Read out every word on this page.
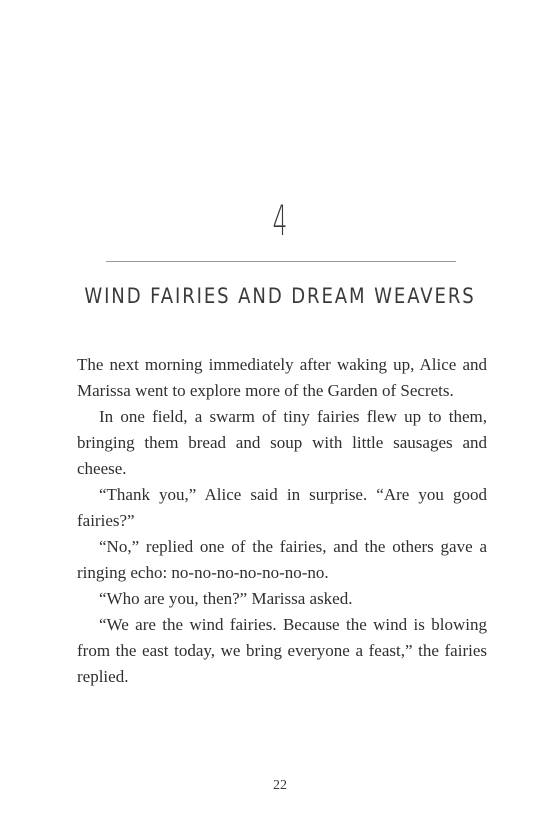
4
WIND FAIRIES AND DREAM WEAVERS

The next morning immediately after waking up, Alice and Marissa went to explore more of the Garden of Secrets.

In one field, a swarm of tiny fairies flew up to them, bringing them bread and soup with little sausages and cheese.

“Thank you,” Alice said in surprise. “Are you good fairies?”

“No,” replied one of the fairies, and the others gave a ringing echo: no-no-no-no-no-no-no.

“Who are you, then?” Marissa asked.

“We are the wind fairies. Because the wind is blowing from the east today, we bring everyone a feast,” the fairies replied.

22
